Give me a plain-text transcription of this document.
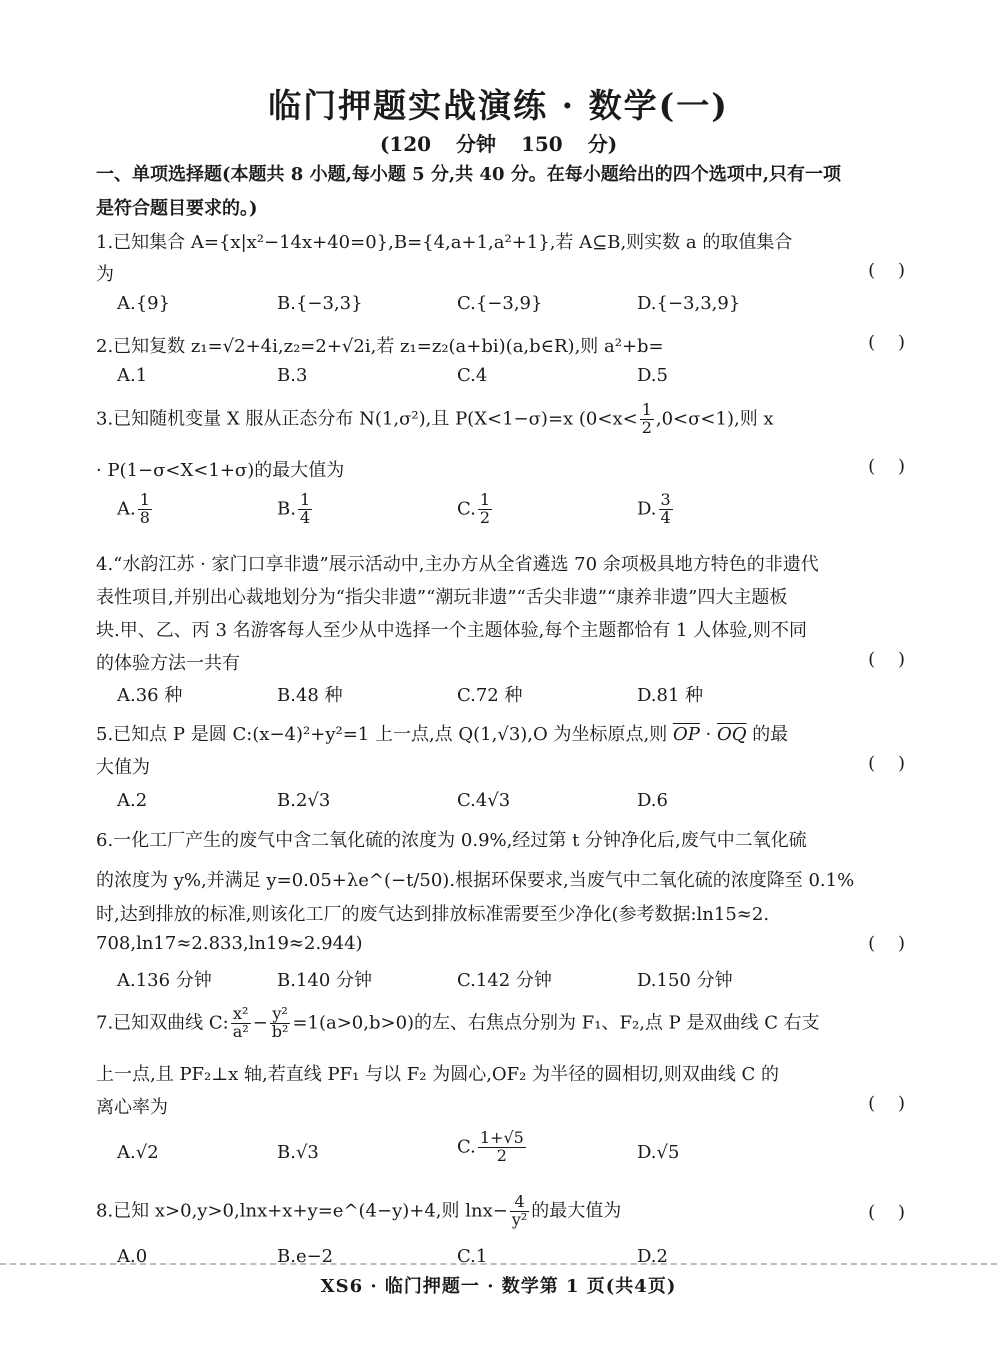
临门押题实战演练 · 数学(一)
(120 分钟 150 分)
一、单项选择题(本题共 8 小题,每小题 5 分,共 40 分。在每小题给出的四个选项中,只有一项
是符合题目要求的。)
1.已知集合 A={x|x²−14x+40=0},B={4,a+1,a²+1},若 A⊆B,则实数 a 的取值集合
为	(    )
A.{9}	B.{−3,3}	C.{−3,9}	D.{−3,3,9}
2.已知复数 z₁=√2+4i,z₂=2+√2i,若 z₁=z₂(a+bi)(a,b∈R),则 a²+b=	(    )
A.1	B.3	C.4	D.5
3.已知随机变量 X 服从正态分布 N(1,σ²),且 P(X<1−σ)=x $(0<x< \frac{1}{2} ,0<\sigma<1)$,则 x
· P(1−σ<X<1+σ)的最大值为	(    )
A. $\frac{1}{8}$	B. $\frac{1}{4}$	C. $\frac{1}{2}$	D. $\frac{3}{4}$
4.“水韵江苏 · 家门口享非遗”展示活动中,主办方从全省遴选 70 余项极具地方特色的非遗代
表性项目,并别出心裁地划分为“指尖非遗”“潮玩非遗”“舌尖非遗”“康养非遗”四大主题板
块.甲、乙、丙 3 名游客每人至少从中选择一个主题体验,每个主题都恰有 1 人体验,则不同
的体验方法一共有	(    )
A.36 种	B.48 种	C.72 种	D.81 种
5.已知点 P 是圆 C:(x−4)²+y²=1 上一点,点 Q(1,√3),O 为坐标原点,则 $\overline{OP} \cdot \overline{OQ}$ 的最
大值为	(    )
A.2	B.2√3	C.4√3	D.6
6.一化工厂产生的废气中含二氧化硫的浓度为 0.9%,经过第 t 分钟净化后,废气中二氧化硫
的浓度为 y%,并满足 y=0.05+λe^(−t/50).根据环保要求,当废气中二氧化硫的浓度降至 0.1%
时,达到排放的标准,则该化工厂的废气达到排放标准需要至少净化(参考数据:ln15≈2.
708,ln17≈2.833,ln19≈2.944)	(    )
A.136 分钟	B.140 分钟	C.142 分钟	D.150 分钟
7.已知双曲线 C: $\frac{\text{x²}}{\text{a²}} - \frac{\text{y²}}{\text{b²}} =1(a>0,b>0)$的左、右焦点分别为 F₁、F₂,点 P 是双曲线 C 右支
上一点,且 PF₂⊥x 轴,若直线 PF₁ 与以 F₂ 为圆心,OF₂ 为半径的圆相切,则双曲线 C 的
离心率为	(    )
A.√2	B.√3	C. $\frac{1+√5}{2}$	D.√5
8.已知 x>0,y>0,lnx+x+y=e^(4−y)+4,则 $\ln x- \frac{4}{\text{y²}}$ 的最大值为	(    )
A.0	B.e−2	C.1	D.2
XS6 · 临门押题一 · 数学第 1 页(共4页)
